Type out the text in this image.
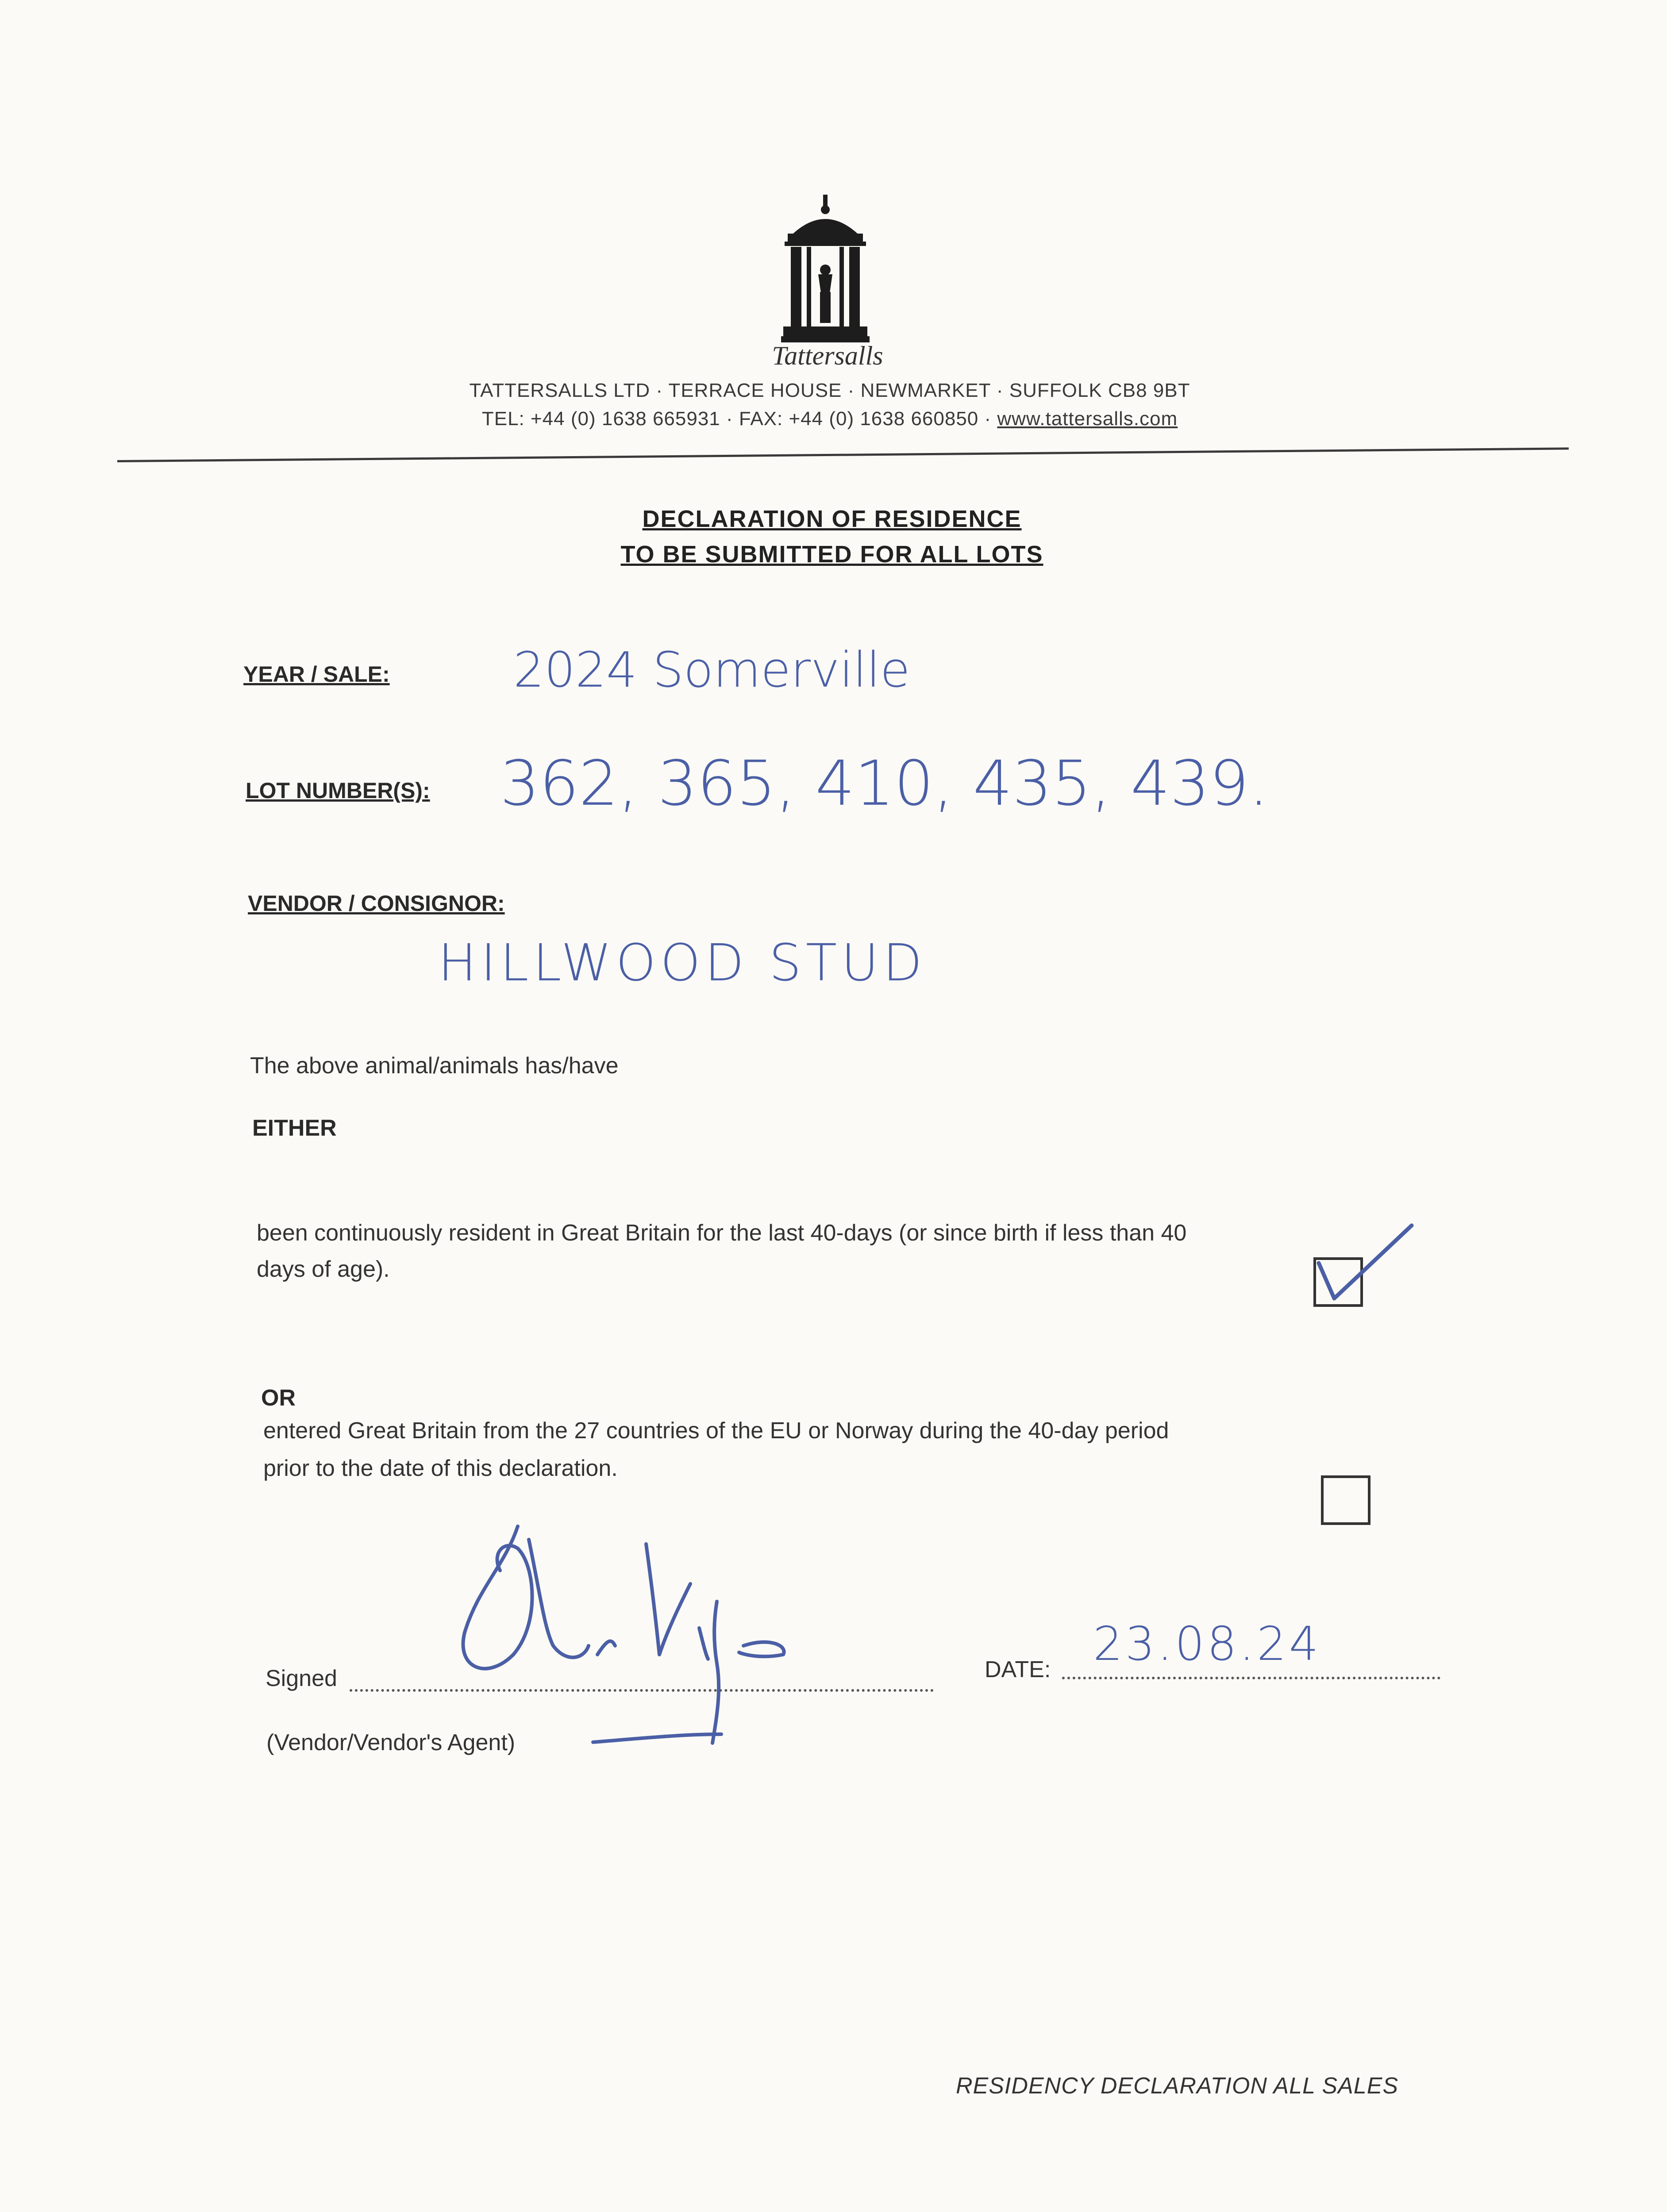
Tattersalls
TATTERSALLS LTD · TERRACE HOUSE · NEWMARKET · SUFFOLK CB8 9BT
TEL: +44 (0) 1638 665931 · FAX: +44 (0) 1638 660850 · www.tattersalls.com
DECLARATION OF RESIDENCE
TO BE SUBMITTED FOR ALL LOTS
YEAR / SALE:	2024 Somerville
LOT NUMBER(S): 362, 365, 410, 435, 439.
VENDOR / CONSIGNOR:
HILLWOOD STUD
The above animal/animals has/have
EITHER
been continuously resident in Great Britain for the last 40-days (or since birth if less than 40
days of age).
OR
entered Great Britain from the 27 countries of the EU or Norway during the 40-day period
prior to the date of this declaration.
Signed
(Vendor/Vendor's Agent)
DATE: 23.08.24
RESIDENCY DECLARATION ALL SALES
